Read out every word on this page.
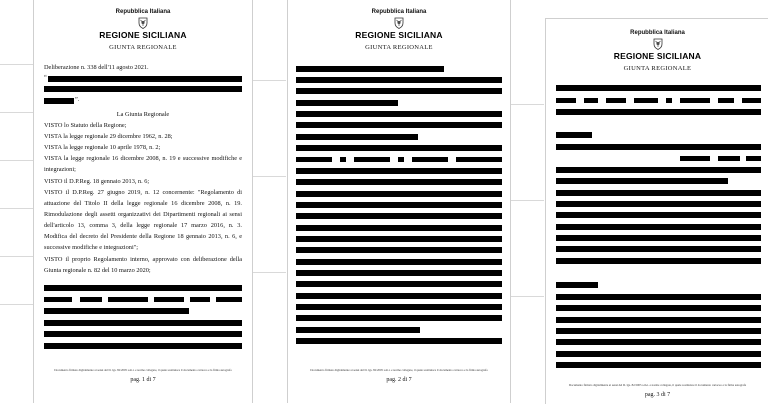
Repubblica Italiana
REGIONE SICILIANA
GIUNTA REGIONALE
Deliberazione n. 338 dell'11 agosto 2021.
“
”.
La Giunta Regionale
VISTO lo Statuto della Regione;
VISTA la legge regionale 29 dicembre 1962, n. 28;
VISTA la legge regionale 10 aprile 1978, n. 2;
VISTA la legge regionale 16 dicembre 2008, n. 19 e successive modifiche e
integrazioni;
VISTO il D.P.Reg. 18 gennaio 2013, n. 6;
VISTO il D.P.Reg. 27 giugno 2019, n. 12 concernente: "Regolamento di
attuazione del Titolo II della legge regionale 16 dicembre 2008, n. 19.
Rimodulazione degli assetti organizzativi dei Dipartimenti regionali ai sensi
dell'articolo 13, comma 3, della legge regionale 17 marzo 2016, n. 3.
Modifica del decreto del Presidente della Regione 18 gennaio 2013, n. 6, e
successive modifiche e integrazioni";
VISTO il proprio Regolamento interno, approvato con deliberazione della
Giunta regionale n. 82 del 10 marzo 2020;
Documento firmato digitalmente ai sensi del D. lgs. 82/2005 s.m.i. e norme collegate, il quale sostituisce il documento cartaceo e la firma autografa
pag. 1 di 7
Repubblica Italiana
REGIONE SICILIANA
GIUNTA REGIONALE
Documento firmato digitalmente ai sensi del D. lgs. 82/2005 s.m.i. e norme collegate, il quale sostituisce il documento cartaceo e la firma autografa
pag. 2 di 7
Repubblica Italiana
REGIONE SICILIANA
GIUNTA REGIONALE
Documento firmato digitalmente ai sensi del D. lgs. 82/2005 s.m.i. e norme collegate, il quale sostituisce il documento cartaceo e la firma autografa
pag. 3 di 7
